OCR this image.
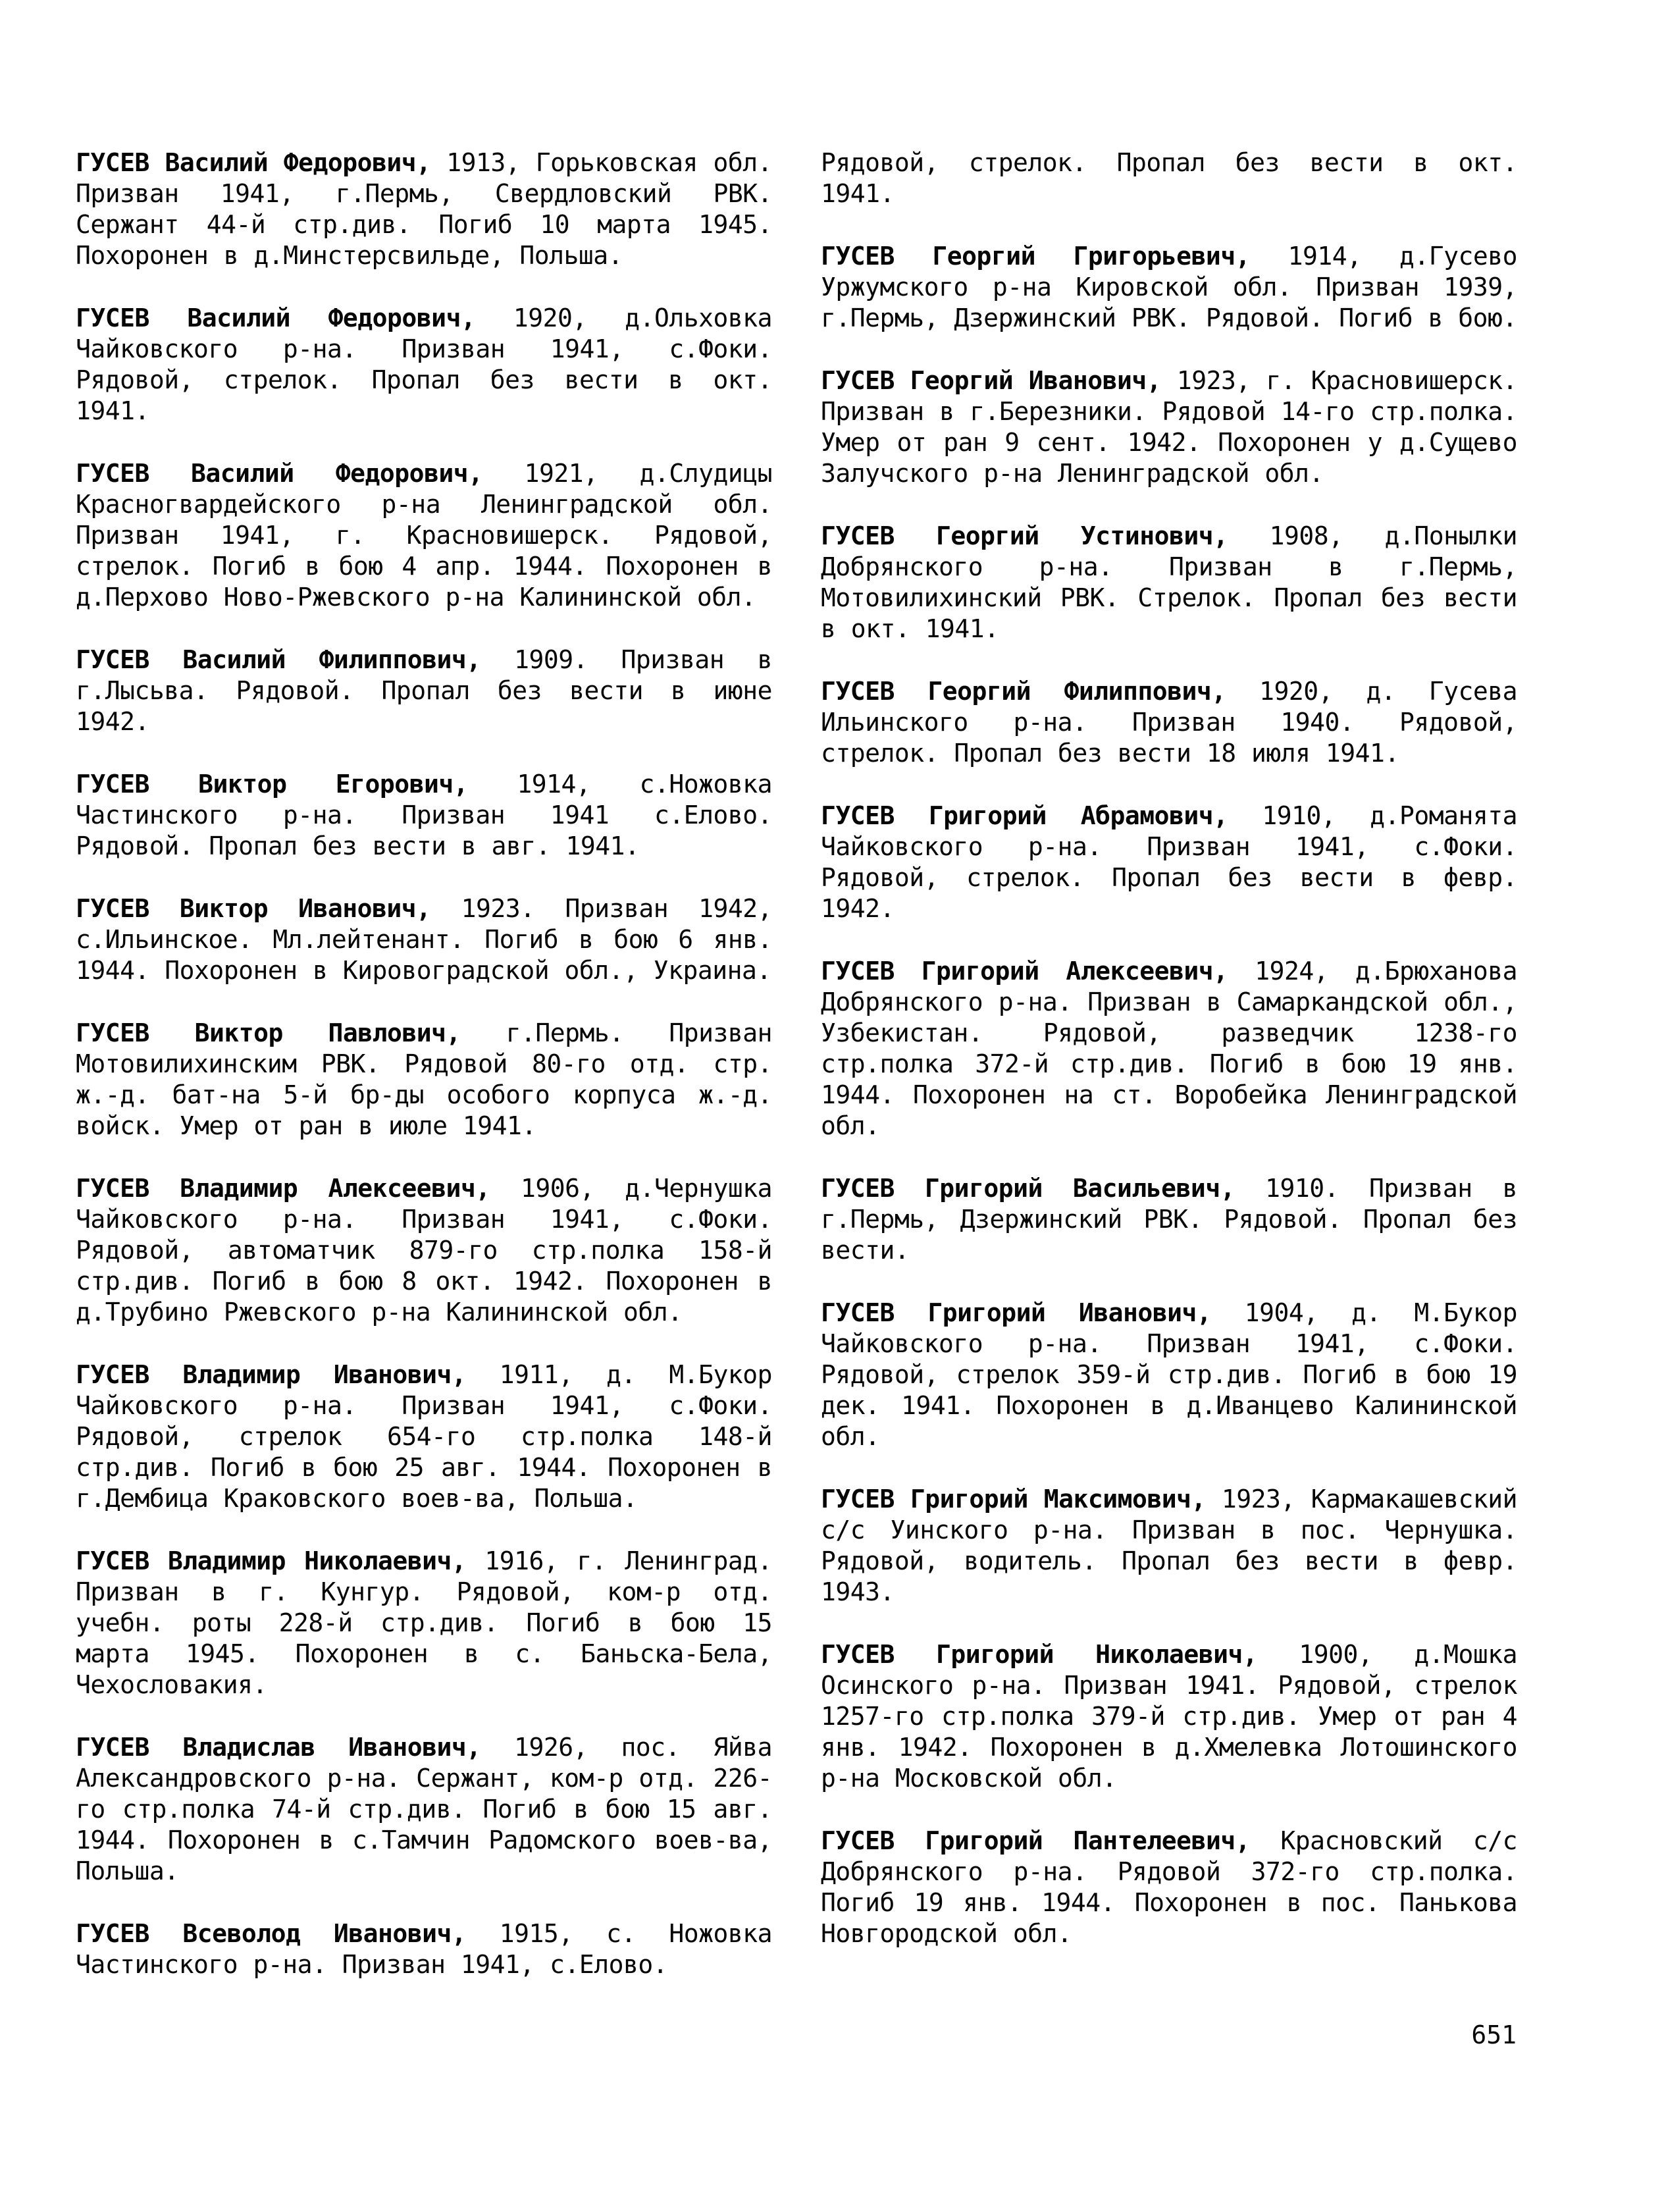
ГУСЕВ Василий Федорович, 1913, Горьковская обл. Призван 1941, г.Пермь, Свердловский РВК. Сержант 44-й стр.див. Погиб 10 марта 1945. Похоронен в д.Минстерсвильде, Польша.

ГУСЕВ Василий Федорович, 1920, д.Ольховка Чайковского р-на. Призван 1941, с.Фоки. Рядовой, стрелок. Пропал без вести в окт. 1941.

ГУСЕВ Василий Федорович, 1921, д.Слудицы Красногвардейского р-на Ленинградской обл. Призван 1941, г. Красновишерск. Рядовой, стрелок. Погиб в бою 4 апр. 1944. Похоронен в д.Перхово Ново-Ржевского р-на Калининской обл.

ГУСЕВ Василий Филиппович, 1909. Призван в г.Лысьва. Рядовой. Пропал без вести в июне 1942.

ГУСЕВ Виктор Егорович, 1914, с.Ножовка Частинского р-на. Призван 1941 с.Елово. Рядовой. Пропал без вести в авг. 1941.

ГУСЕВ Виктор Иванович, 1923. Призван 1942, с.Ильинское. Мл.лейтенант. Погиб в бою 6 янв. 1944. Похоронен в Кировоградской обл., Украина.

ГУСЕВ Виктор Павлович, г.Пермь. Призван Мотовилихинским РВК. Рядовой 80-го отд. стр. ж.-д. бат-на 5-й бр-ды особого корпуса ж.-д. войск. Умер от ран в июле 1941.

ГУСЕВ Владимир Алексеевич, 1906, д.Чернушка Чайковского р-на. Призван 1941, с.Фоки. Рядовой, автоматчик 879-го стр.полка 158-й стр.див. Погиб в бою 8 окт. 1942. Похоронен в д.Трубино Ржевского р-на Калининской обл.

ГУСЕВ Владимир Иванович, 1911, д. М.Букор Чайковского р-на. Призван 1941, с.Фоки. Рядовой, стрелок 654-го стр.полка 148-й стр.див. Погиб в бою 25 авг. 1944. Похоронен в г.Дембица Краковского воев-ва, Польша.

ГУСЕВ Владимир Николаевич, 1916, г. Ленинград. Призван в г. Кунгур. Рядовой, ком-р отд. учебн. роты 228-й стр.див. Погиб в бою 15 марта 1945. Похоронен в с. Баньска-Бела, Чехословакия.

ГУСЕВ Владислав Иванович, 1926, пос. Яйва Александровского р-на. Сержант, ком-р отд. 226-го стр.полка 74-й стр.див. Погиб в бою 15 авг. 1944. Похоронен в с.Тамчин Радомского воев-ва, Польша.

ГУСЕВ Всеволод Иванович, 1915, с. Ножовка Частинского р-на. Призван 1941, с.Елово.

Рядовой, стрелок. Пропал без вести в окт. 1941.

ГУСЕВ Георгий Григорьевич, 1914, д.Гусево Уржумского р-на Кировской обл. Призван 1939, г.Пермь, Дзержинский РВК. Рядовой. Погиб в бою.

ГУСЕВ Георгий Иванович, 1923, г. Красновишерск. Призван в г.Березники. Рядовой 14-го стр.полка. Умер от ран 9 сент. 1942. Похоронен у д.Сущево Залучского р-на Ленинградской обл.

ГУСЕВ Георгий Устинович, 1908, д.Понылки Добрянского р-на. Призван в г.Пермь, Мотовилихинский РВК. Стрелок. Пропал без вести в окт. 1941.

ГУСЕВ Георгий Филиппович, 1920, д. Гусева Ильинского р-на. Призван 1940. Рядовой, стрелок. Пропал без вести 18 июля 1941.

ГУСЕВ Григорий Абрамович, 1910, д.Романята Чайковского р-на. Призван 1941, с.Фоки. Рядовой, стрелок. Пропал без вести в февр. 1942.

ГУСЕВ Григорий Алексеевич, 1924, д.Брюханова Добрянского р-на. Призван в Самаркандской обл., Узбекистан. Рядовой, разведчик 1238-го стр.полка 372-й стр.див. Погиб в бою 19 янв. 1944. Похоронен на ст. Воробейка Ленинградской обл.

ГУСЕВ Григорий Васильевич, 1910. Призван в г.Пермь, Дзержинский РВК. Рядовой. Пропал без вести.

ГУСЕВ Григорий Иванович, 1904, д. М.Букор Чайковского р-на. Призван 1941, с.Фоки. Рядовой, стрелок 359-й стр.див. Погиб в бою 19 дек. 1941. Похоронен в д.Иванцево Калининской обл.

ГУСЕВ Григорий Максимович, 1923, Кармакашевский с/с Уинского р-на. Призван в пос. Чернушка. Рядовой, водитель. Пропал без вести в февр. 1943.

ГУСЕВ Григорий Николаевич, 1900, д.Мошка Осинского р-на. Призван 1941. Рядовой, стрелок 1257-го стр.полка 379-й стр.див. Умер от ран 4 янв. 1942. Похоронен в д.Хмелевка Лотошинского р-на Московской обл.

ГУСЕВ Григорий Пантелеевич, Красновский с/с Добрянского р-на. Рядовой 372-го стр.полка. Погиб 19 янв. 1944. Похоронен в пос. Панькова Новгородской обл.

651
